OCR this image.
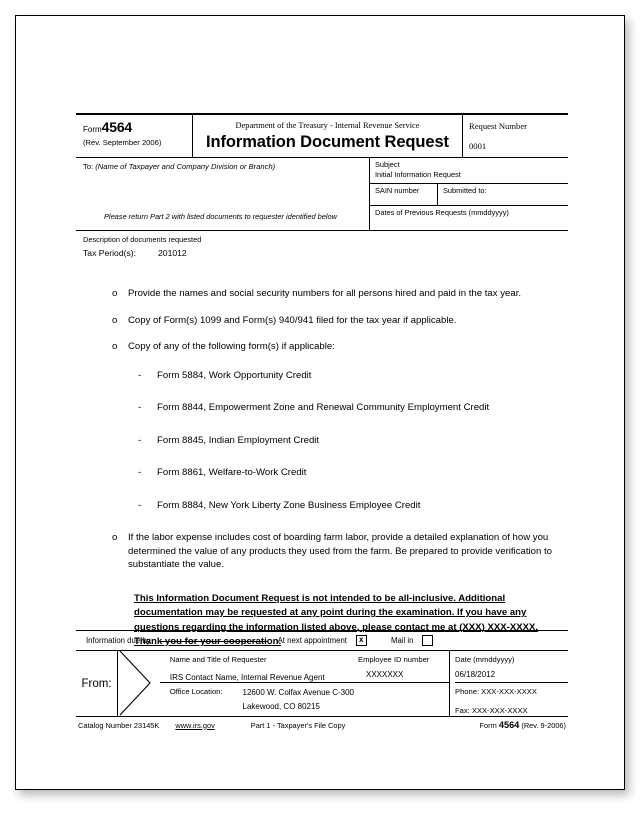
Form4564
(Rev. September 2006)
Department of the Treasury - Internal Revenue Service
Information Document Request
Request Number
0001
To: (Name of Taxpayer and Company Division or Branch)
Please return Part 2 with listed documents to requester identified below
Subject
Initial Information Request
SAIN number	Submitted to:
Dates of Previous Requests (mmddyyyy)
Description of documents requested
Tax Period(s):	201012
o	Provide the names and social security numbers for all persons hired and paid in the tax year.
o	Copy of Form(s) 1099 and Form(s) 940/941 filed for the tax year if applicable.
o	Copy of any of the following form(s) if applicable:
-	Form 5884, Work Opportunity Credit
-	Form 8844, Empowerment Zone and Renewal Community Employment Credit
-	Form 8845, Indian Employment Credit
-	Form 8861, Welfare-to-Work Credit
-	Form 8884, New York Liberty Zone Business Employee Credit
o	If the labor expense includes cost of boarding farm labor, provide a detailed explanation of how you determined the value of any products they used from the farm. Be prepared to provide verification to substantiate the value.
This Information Document Request is not intended to be all-inclusive. Additional documentation may be requested at any point during the examination. If you have any questions regarding the information listed above, please contact me at (XXX) XXX-XXXX. Thank you for your cooperation.
Information due by	At next appointment x	Mail in
From:
Name and Title of Requester
IRS Contact Name, Internal Revenue Agent
Office Location:	12600 W. Colfax Avenue C-300
Lakewood, CO 80215
Employee ID number
XXXXXXX
Date (mmddyyyy)
06/18/2012
Phone: XXX-XXX-XXXX
Fax: XXX-XXX-XXXX
Catalog Number 23145K www.irs.gov	Part 1 - Taxpayer's File Copy	Form 4564 (Rev. 9-2006)
